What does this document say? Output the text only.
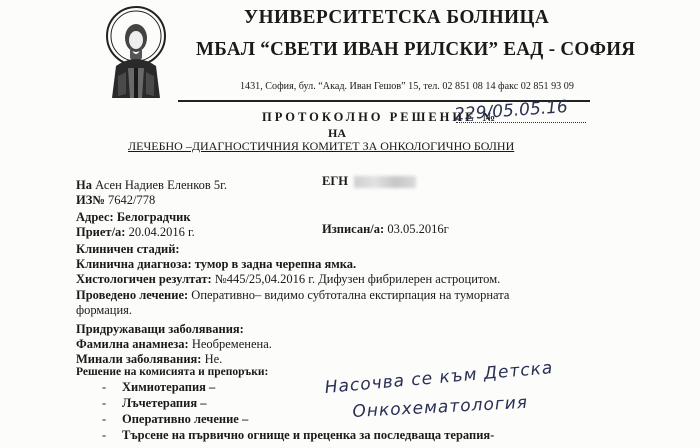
УНИВЕРСИТЕТСКА БОЛНИЦА
МБАЛ “СВЕТИ ИВАН РИЛСКИ” ЕАД - СОФИЯ
1431, София, бул. “Акад. Иван Гешов” 15, тел. 02 851 08 14 факс 02 851 93 09
ПРОТОКОЛНО РЕШЕНИЕ №
229/05.05.16
НА
ЛЕЧЕБНО –ДИАГНОСТИЧНИЯ КОМИТЕТ ЗА ОНКОЛОГИЧНО БОЛНИ
На Асен Надиев Еленков 5г.	ЕГН
ИЗ№ 7642/778
Адрес: Белоградчик
Приет/а: 20.04.2016 г.	Изписан/а: 03.05.2016г
Клиничен стадий:
Клинична диагноза: тумор в задна черепна ямка.
Хистологичен резултат: №445/25,04.2016 г. Дифузен фибрилерен астроцитом.
Проведено лечение: Оперативно– видимо субтотална екстирпация на туморната
формация.
Придружаващи заболявания:
Фамилна анамнеза: Необременена.
Минали заболявания: Не.
Решение на комисията и препоръки:
- Химиотерапия –
- Лъчетерапия –
- Оперативно лечение –
- Търсене на първично огнище и преценка за последваща терапия-
Насочва се към Детска
Онкохематология
